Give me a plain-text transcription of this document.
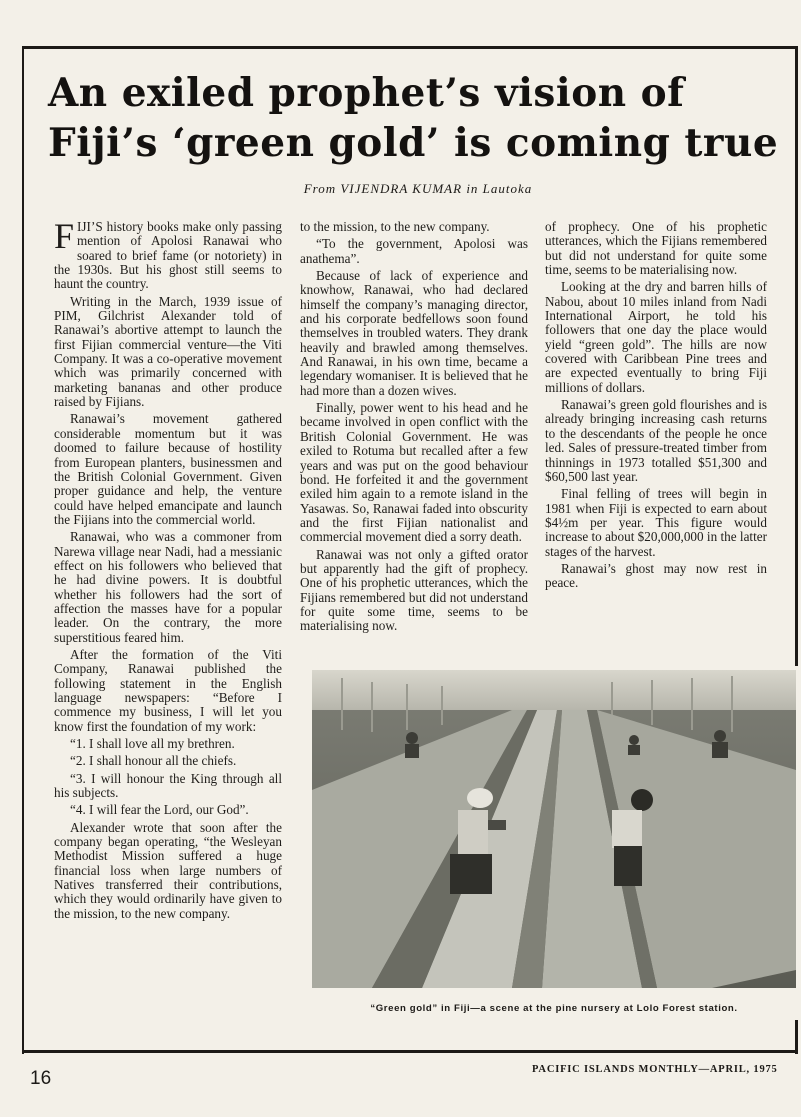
An exiled prophet’s vision of
Fiji’s ‘green gold’ is coming true

From VIJENDRA KUMAR in Lautoka

FIJI’S history books make only passing mention of Apolosi Ranawai who soared to brief fame (or notoriety) in the 1930s. But his ghost still seems to haunt the country.

Writing in the March, 1939 issue of PIM, Gilchrist Alexander told of Ranawai’s abortive attempt to launch the first Fijian commercial venture—the Viti Company. It was a co-operative movement which was primarily concerned with marketing bananas and other produce raised by Fijians.

Ranawai’s movement gathered considerable momentum but it was doomed to failure because of hostility from European planters, businessmen and the British Colonial Government. Given proper guidance and help, the venture could have helped emancipate and launch the Fijians into the commercial world.

Ranawai, who was a commoner from Narewa village near Nadi, had a messianic effect on his followers who believed that he had divine powers. It is doubtful whether his followers had the sort of affection the masses have for a popular leader. On the contrary, the more superstitious feared him.

After the formation of the Viti Company, Ranawai published the following statement in the English language newspapers: “Before I commence my business, I will let you know first the foundation of my work:

“1. I shall love all my brethren.

“2. I shall honour all the chiefs.

“3. I will honour the King through all his subjects.

“4. I will fear the Lord, our God”.

Alexander wrote that soon after the company began operating, “the Wesleyan Methodist Mission suffered a huge financial loss when large numbers of Natives transferred their contributions, which they would ordinarily have given to the mission, to the new company.

to the mission, to the new company.

“To the government, Apolosi was anathema”.

Because of lack of experience and knowhow, Ranawai, who had declared himself the company’s managing director, and his corporate bedfellows soon found themselves in troubled waters. They drank heavily and brawled among themselves. And Ranawai, in his own time, became a legendary womaniser. It is believed that he had more than a dozen wives.

Finally, power went to his head and he became involved in open conflict with the British Colonial Government. He was exiled to Rotuma but recalled after a few years and was put on the good behaviour bond. He forfeited it and the government exiled him again to a remote island in the Yasawas. So, Ranawai faded into obscurity and the first Fijian nationalist and commercial movement died a sorry death.

Ranawai was not only a gifted orator but apparently had the gift of prophecy. One of his prophetic utterances, which the Fijians remembered but did not understand for quite some time, seems to be materialising now.

of prophecy. One of his prophetic utterances, which the Fijians remembered but did not understand for quite some time, seems to be materialising now.

Looking at the dry and barren hills of Nabou, about 10 miles inland from Nadi International Airport, he told his followers that one day the place would yield “green gold”. The hills are now covered with Caribbean Pine trees and are expected eventually to bring Fiji millions of dollars.

Ranawai’s green gold flourishes and is already bringing increasing cash returns to the descendants of the people he once led. Sales of pressure-treated timber from thinnings in 1973 totalled $51,300 and $60,500 last year.

Final felling of trees will begin in 1981 when Fiji is expected to earn about $4½m per year. This figure would increase to about $20,000,000 in the latter stages of the harvest.

Ranawai’s ghost may now rest in peace.

“Green gold” in Fiji—a scene at the pine nursery at Lolo Forest station.

16	PACIFIC ISLANDS MONTHLY—APRIL, 1975
